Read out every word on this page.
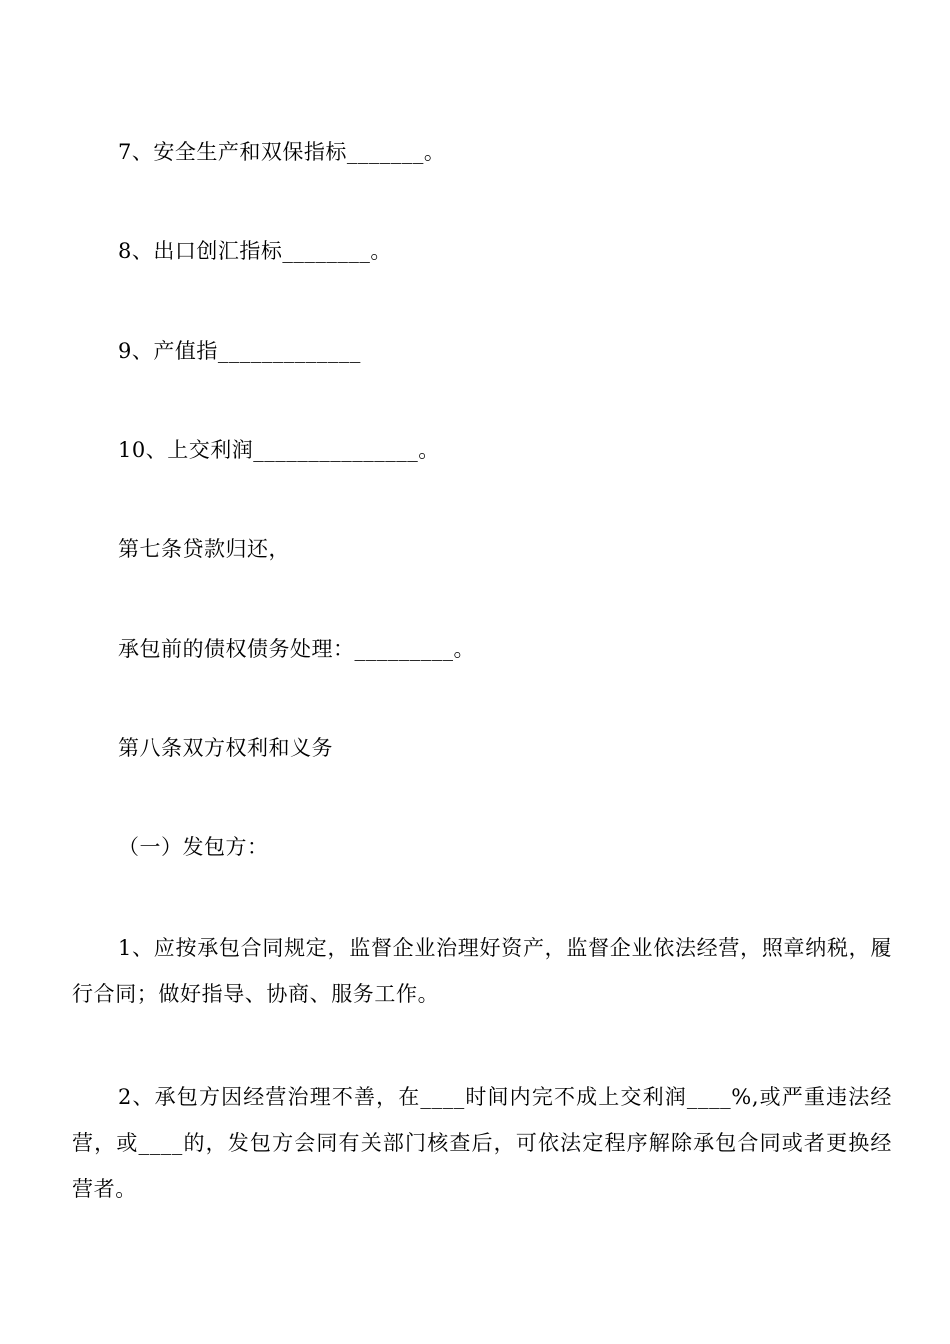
7、安全生产和双保指标_______。
8、出口创汇指标________。
9、产值指_____________
10、上交利润_______________。
第七条贷款归还，
承包前的债权债务处理：_________。
第八条双方权利和义务
（一）发包方：
1、应按承包合同规定，监督企业治理好资产，监督企业依法经营，照章纳税，履行合同；做好指导、协商、服务工作。
2、承包方因经营治理不善，在____时间内完不成上交利润____%,或严重违法经营，或____的，发包方会同有关部门核查后，可依法定程序解除承包合同或者更换经营者。
